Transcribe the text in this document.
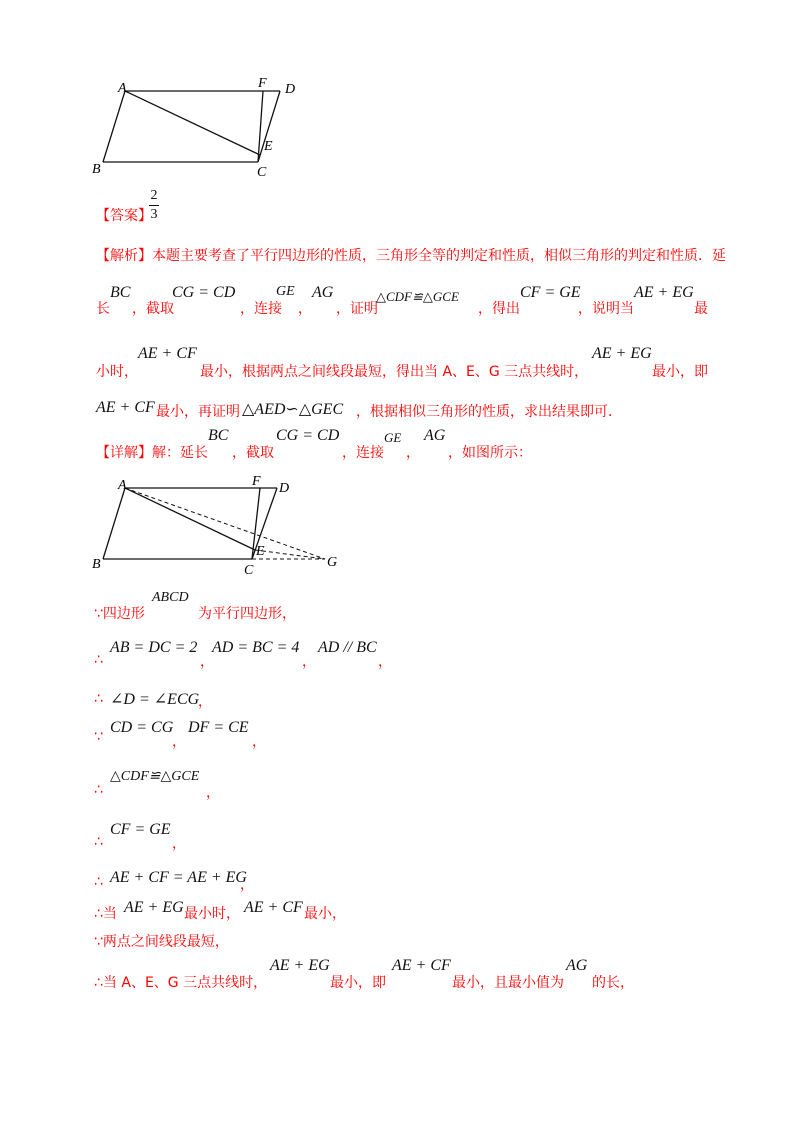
A	F D
E
B	C
【答案】
2
3
【解析】本题主要考查了平行四边形的性质，三角形全等的判定和性质，相似三角形的判定和性质．延
长
BC
，截取
CG = CD
，连接
GE
，
AG
，证明
△CDF≌△GCE
，得出
CF = GE
，说明当
AE + EG
最
小时，
AE + CF
最小，根据两点之间线段最短，得出当 A、E、G 三点共线时，
AE + EG
最小，即
AE + CF 最小，再证明 △AED∽△GEC ，根据相似三角形的性质，求出结果即可．
【详解】解：延长
BC
，截取
CG = CD
，连接
GE
，
AG
，如图所示：
A	F D
E
B	C
G
∵四边形
ABCD
为平行四边形，
∴
AB = DC = 2
，
AD = BC = 4
，
AD // BC
，
∴ ∠D = ∠ECG
，
∵
CD = CG
，
DF = CE
，
∴
△CDF≌△GCE
，
∴
CF = GE
，
∴ AE + CF = AE + EG
，
∴当 AE + EG 最小时， AE + CF 最小，
∵两点之间线段最短，
∴当 A、E、G 三点共线时，
AE + EG
最小，即
AE + CF
最小，且最小值为
AG
的长，
